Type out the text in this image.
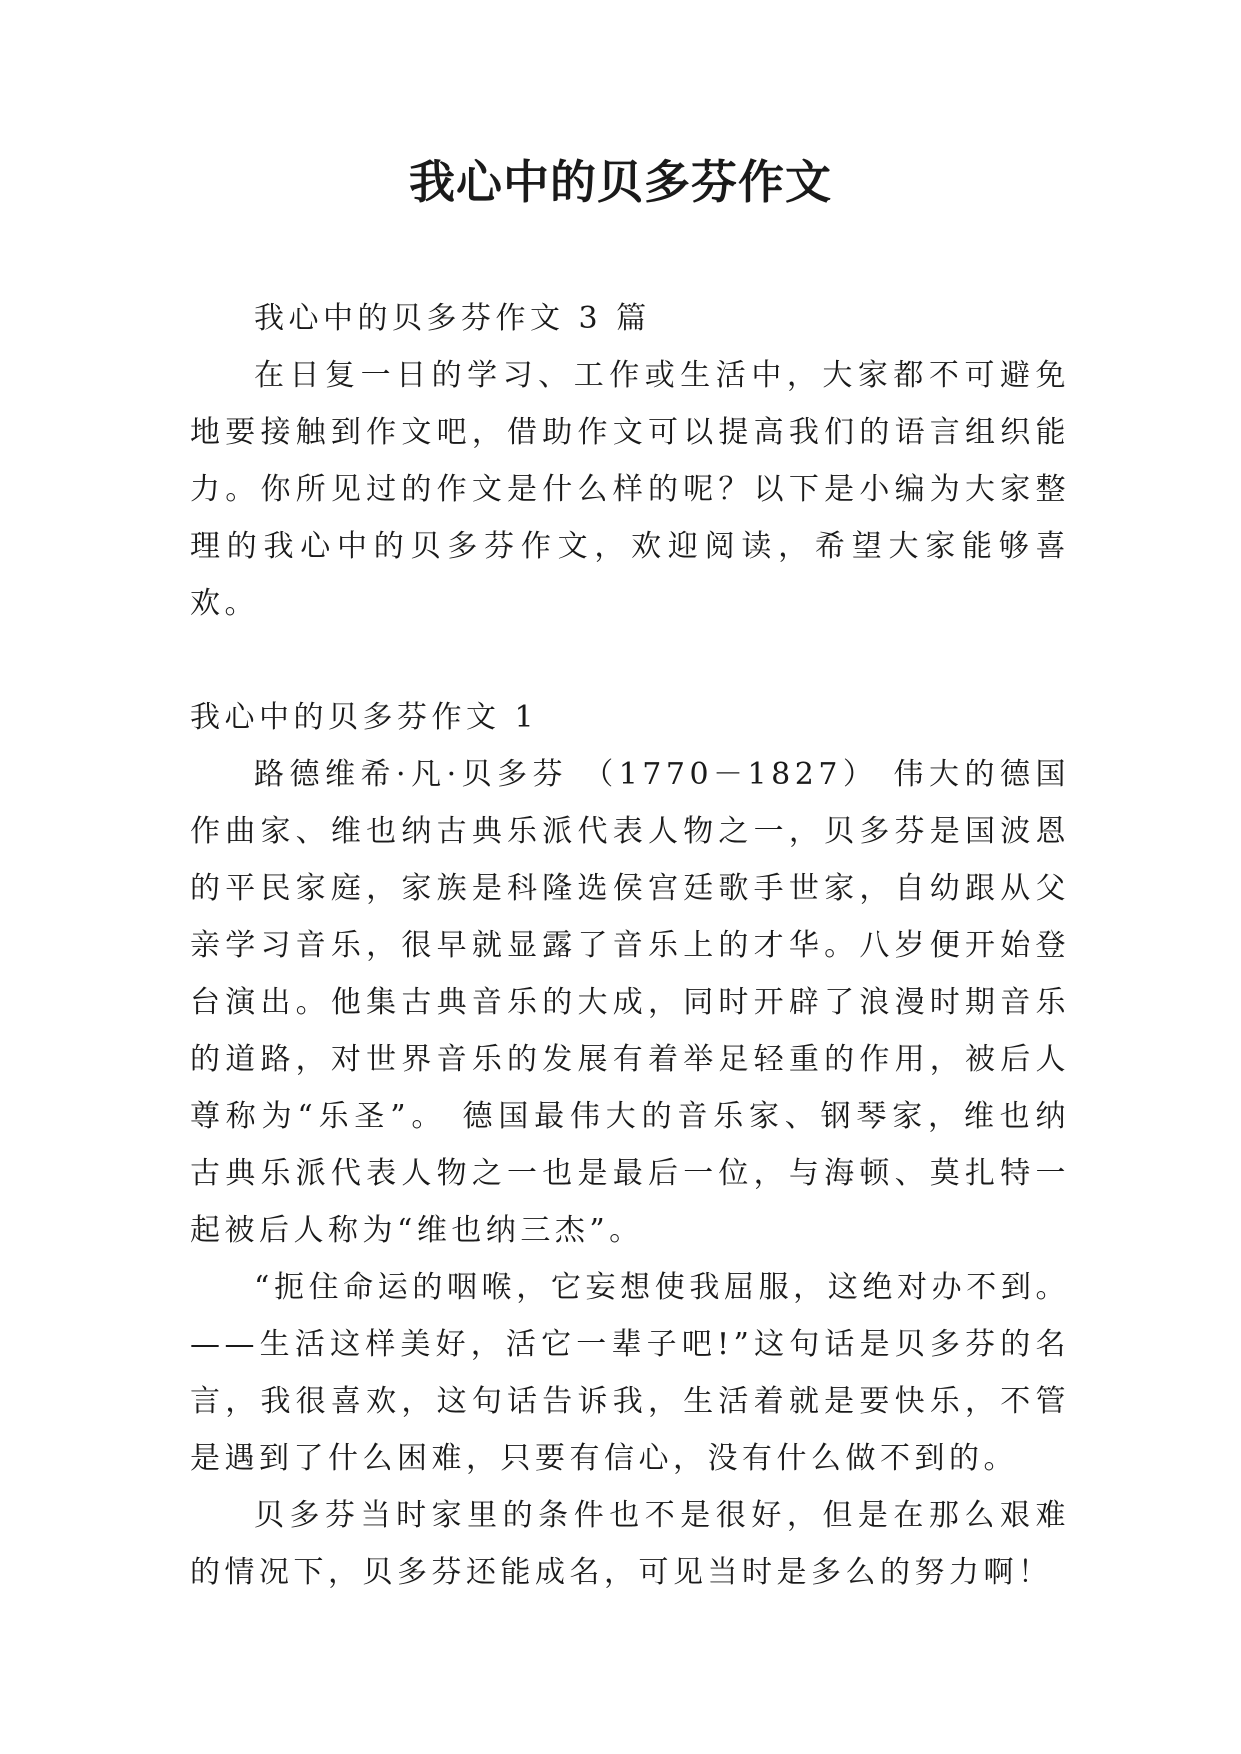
我心中的贝多芬作文

我心中的贝多芬作文 3 篇

在日复一日的学习、工作或生活中，大家都不可避免地要接触到作文吧，借助作文可以提高我们的语言组织能力。你所见过的作文是什么样的呢？以下是小编为大家整理的我心中的贝多芬作文，欢迎阅读，希望大家能够喜欢。

我心中的贝多芬作文 1

路德维希·凡·贝多芬 （1770－1827） 伟大的德国作曲家、维也纳古典乐派代表人物之一，贝多芬是国波恩的平民家庭，家族是科隆选侯宫廷歌手世家，自幼跟从父亲学习音乐，很早就显露了音乐上的才华。八岁便开始登台演出。他集古典音乐的大成，同时开辟了浪漫时期音乐的道路，对世界音乐的发展有着举足轻重的作用，被后人尊称为“乐圣”。 德国最伟大的音乐家、钢琴家，维也纳古典乐派代表人物之一也是最后一位，与海顿、莫扎特一起被后人称为“维也纳三杰”。

“扼住命运的咽喉，它妄想使我屈服，这绝对办不到。——生活这样美好，活它一辈子吧!”这句话是贝多芬的名言，我很喜欢，这句话告诉我，生活着就是要快乐，不管是遇到了什么困难，只要有信心，没有什么做不到的。

贝多芬当时家里的条件也不是很好，但是在那么艰难的情况下，贝多芬还能成名，可见当时是多么的努力啊！
